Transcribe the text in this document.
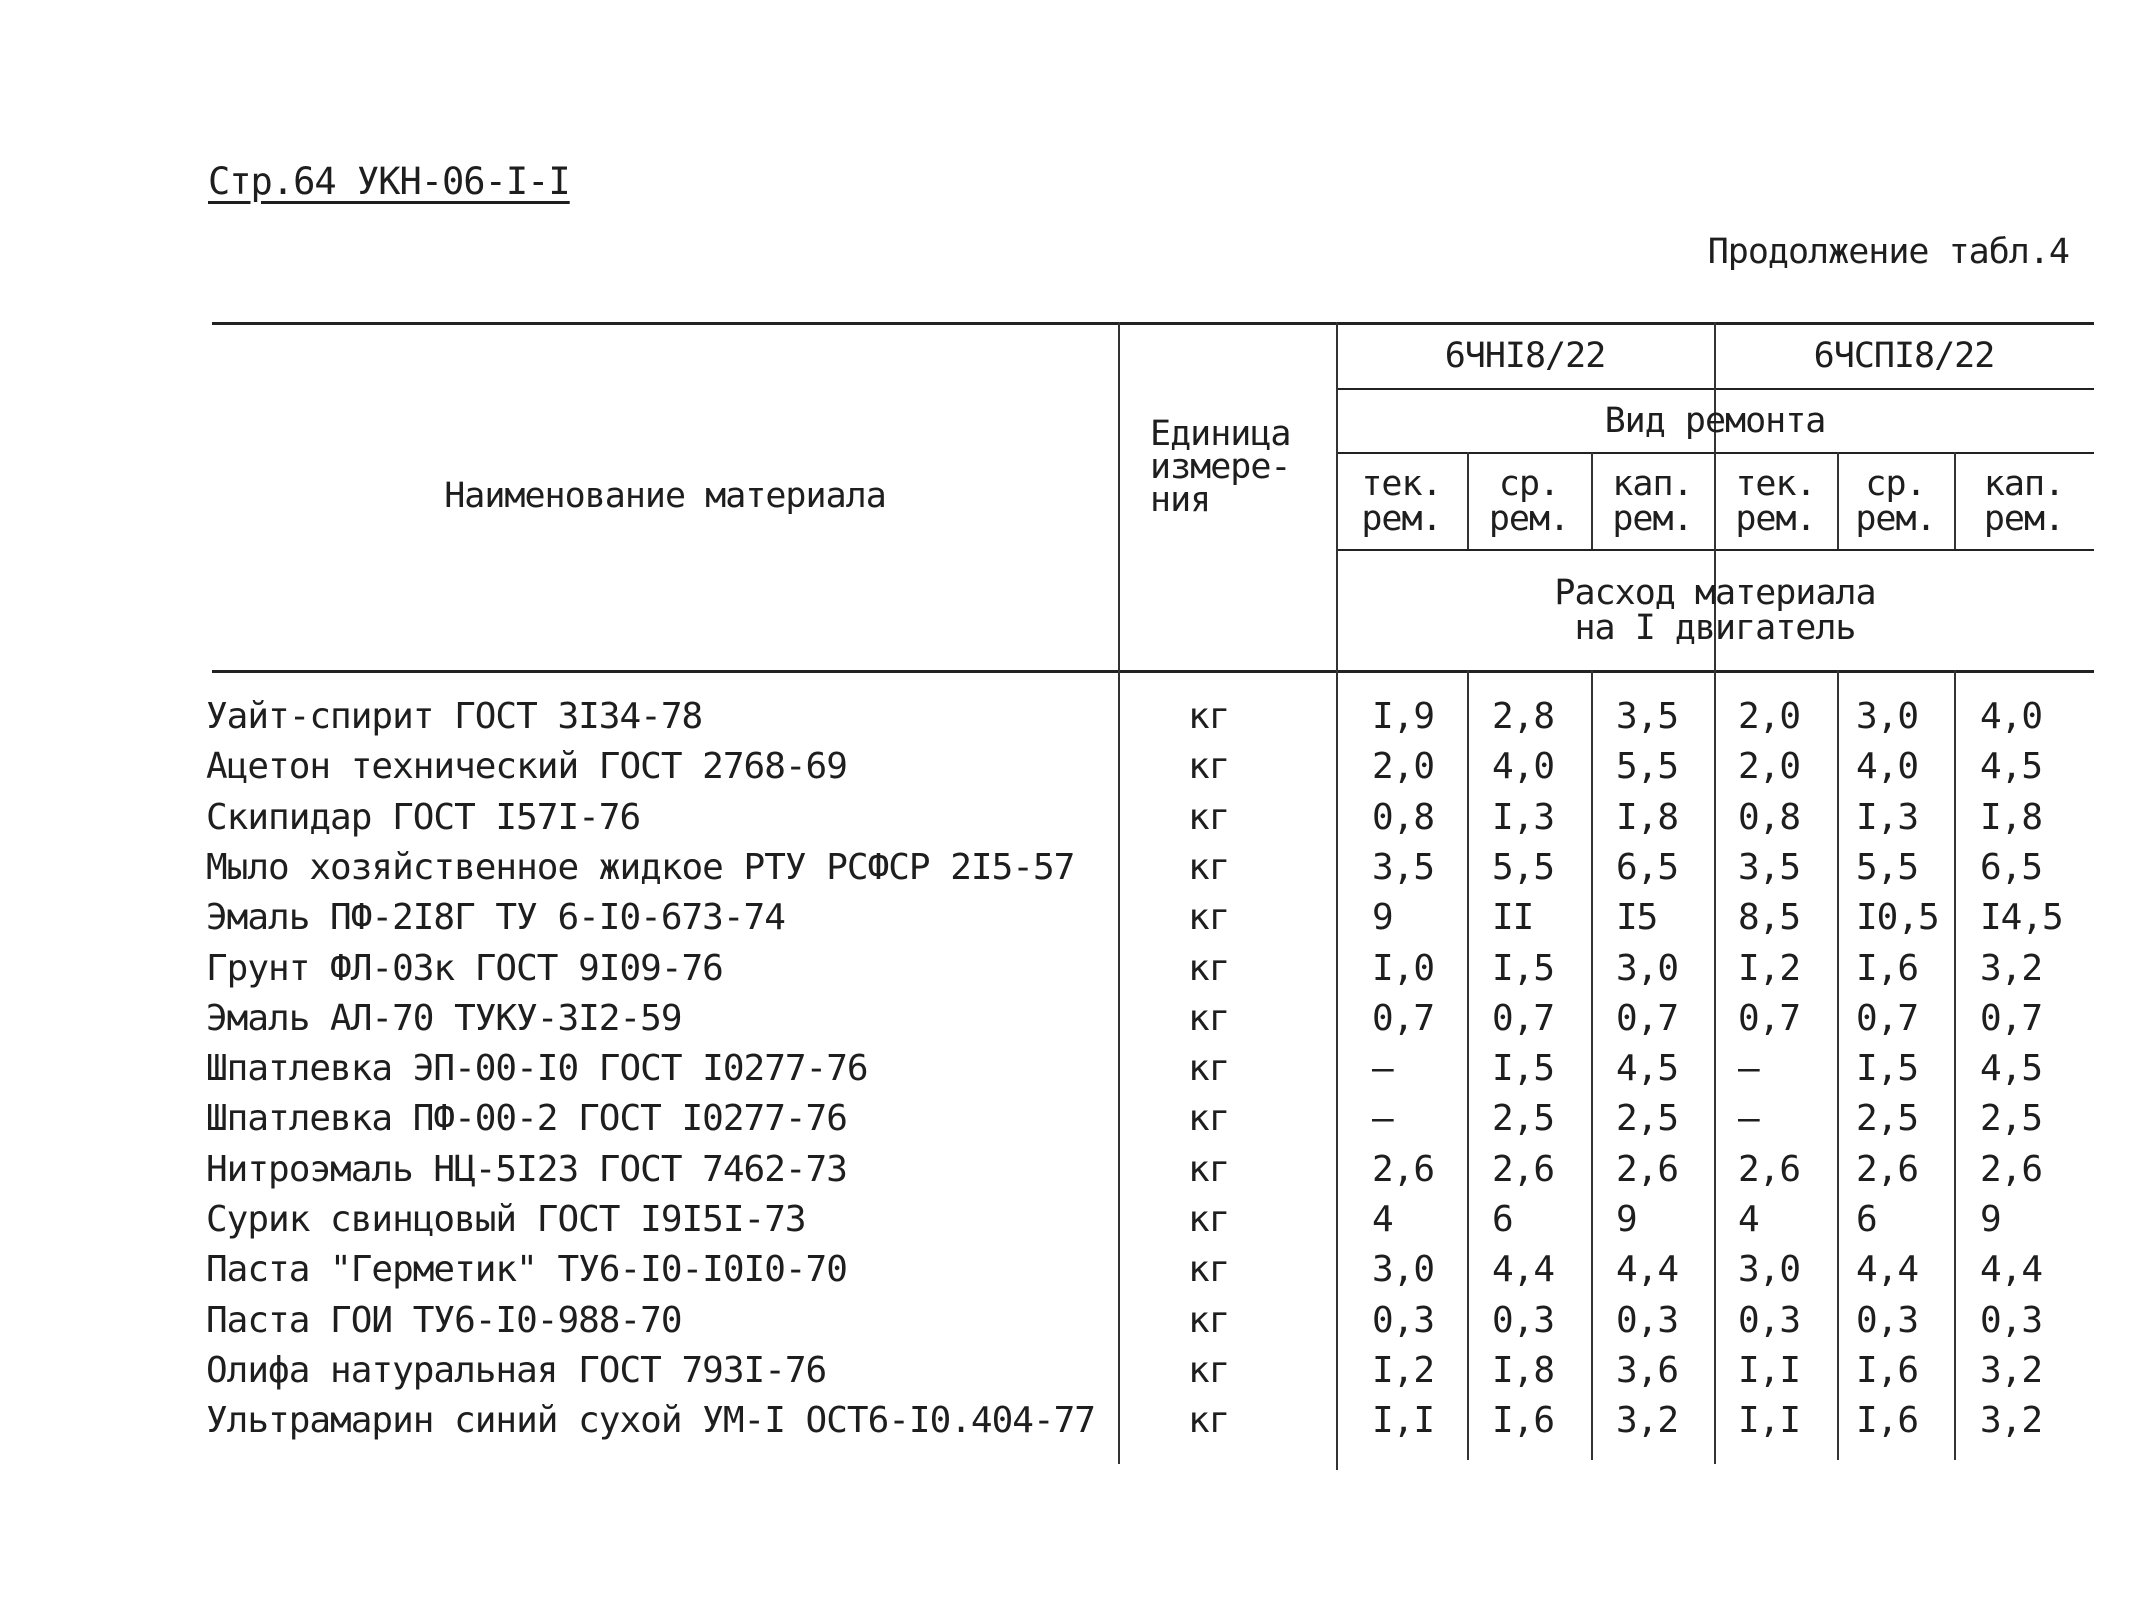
Стр.64 УКН-06-I-I
Продолжение табл.4
Наименование материала
Единица
измере-
ния
6ЧНI8/22	6ЧСПI8/22
Вид ремонта
тек.
рем.
ср.
рем.
кап.
рем.
тек.
рем.
ср.
рем.
кап.
рем.
Расход материала
на I двигатель
Уайт-спирит ГОСТ 3I34-78	кг	I,9 2,8 3,5 2,0 3,0 4,0
Ацетон технический ГОСТ 2768-69	кг	2,0 4,0 5,5 2,0 4,0 4,5
Скипидар ГОСТ I57I-76	кг	0,8 I,3 I,8 0,8 I,3 I,8
Мыло хозяйственное жидкое РТУ РСФСР 2I5-57	кг	3,5 5,5 6,5 3,5 5,5 6,5
Эмаль ПФ-2I8Г ТУ 6-I0-673-74	кг	9	II I5 8,5 I0,5 I4,5
Грунт ФЛ-03к ГОСТ 9I09-76	кг	I,0 I,5 3,0 I,2 I,6 3,2
Эмаль АЛ-70 ТУКУ-3I2-59	кг	0,7 0,7 0,7 0,7 0,7 0,7
Шпатлевка ЭП-00-I0 ГОСТ I0277-76	кг	–	I,5 4,5 –	I,5 4,5
Шпатлевка ПФ-00-2 ГОСТ I0277-76	кг	–	2,5 2,5 –	2,5 2,5
Нитроэмаль НЦ-5I23 ГОСТ 7462-73	кг	2,6 2,6 2,6 2,6 2,6 2,6
Сурик свинцовый ГОСТ I9I5I-73	кг	4	6	9	4	6	9
Паста "Герметик" ТУ6-I0-I0I0-70	кг	3,0 4,4 4,4 3,0 4,4 4,4
Паста ГОИ ТУ6-I0-988-70	кг	0,3 0,3 0,3 0,3 0,3 0,3
Олифа натуральная ГОСТ 793I-76	кг	I,2 I,8 3,6 I,I I,6 3,2
Ультрамарин синий сухой УМ-I ОСТ6-I0.404-77	кг	I,I I,6 3,2 I,I I,6 3,2
